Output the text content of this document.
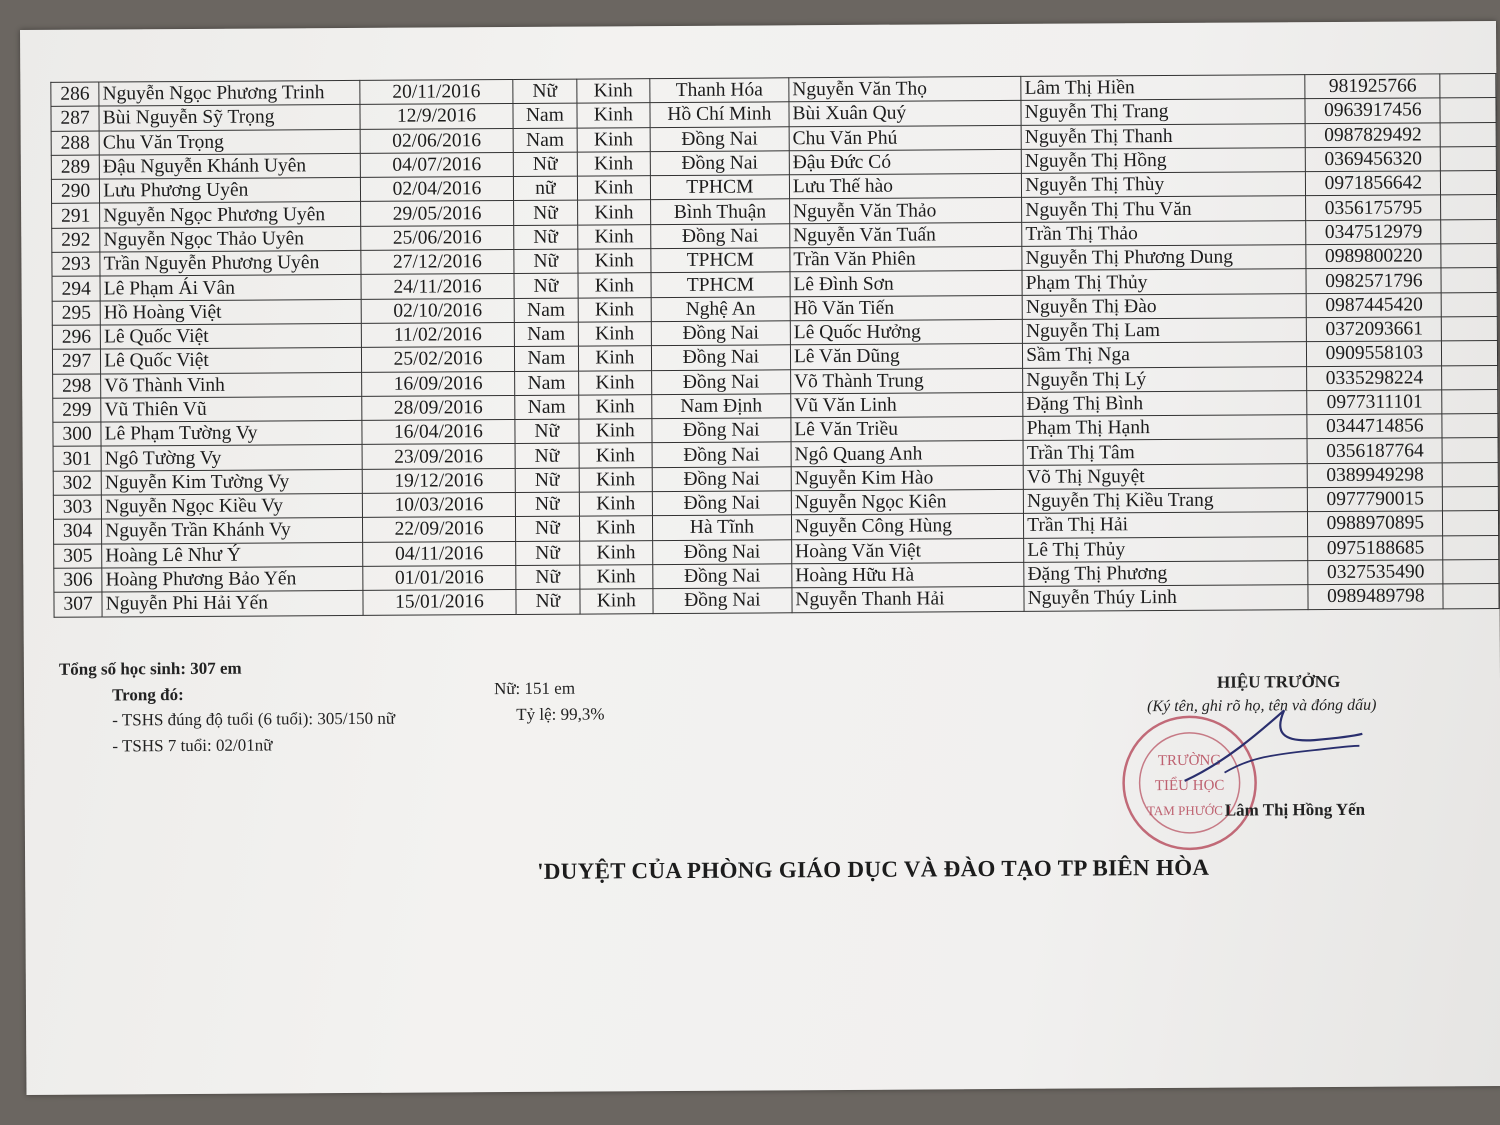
286	Nguyễn Ngọc Phương Trinh	20/11/2016	Nữ	Kinh	Thanh Hóa	Nguyễn Văn Thọ	Lâm Thị Hiền	981925766	
287	Bùi Nguyễn Sỹ Trọng	12/9/2016	Nam	Kinh	Hồ Chí Minh	Bùi Xuân Quý	Nguyễn Thị Trang	0963917456	
288	Chu Văn Trọng	02/06/2016	Nam	Kinh	Đồng Nai	Chu Văn Phú	Nguyễn Thị Thanh	0987829492	
289	Đậu Nguyễn Khánh Uyên	04/07/2016	Nữ	Kinh	Đồng Nai	Đậu Đức Có	Nguyễn Thị Hồng	0369456320	
290	Lưu Phương Uyên	02/04/2016	nữ	Kinh	TPHCM	Lưu Thế hào	Nguyễn Thị Thùy	0971856642	
291	Nguyễn Ngọc Phương Uyên	29/05/2016	Nữ	Kinh	Bình Thuận	Nguyễn Văn Thảo	Nguyễn Thị Thu Văn	0356175795	
292	Nguyễn Ngọc Thảo Uyên	25/06/2016	Nữ	Kinh	Đồng Nai	Nguyễn Văn Tuấn	Trần Thị Thảo	0347512979	
293	Trần Nguyễn Phương Uyên	27/12/2016	Nữ	Kinh	TPHCM	Trần Văn Phiên	Nguyễn Thị Phương Dung	0989800220	
294	Lê Phạm Ái Vân	24/11/2016	Nữ	Kinh	TPHCM	Lê Đình Sơn	Phạm Thị Thủy	0982571796	
295	Hồ Hoàng Việt	02/10/2016	Nam	Kinh	Nghệ An	Hồ Văn Tiến	Nguyễn Thị Đào	0987445420	
296	Lê Quốc Việt	11/02/2016	Nam	Kinh	Đồng Nai	Lê Quốc Hưởng	Nguyễn Thị Lam	0372093661	
297	Lê Quốc Việt	25/02/2016	Nam	Kinh	Đồng Nai	Lê Văn Dũng	Sầm Thị Nga	0909558103	
298	Võ Thành Vinh	16/09/2016	Nam	Kinh	Đồng Nai	Võ Thành Trung	Nguyễn Thị Lý	0335298224	
299	Vũ Thiên Vũ	28/09/2016	Nam	Kinh	Nam Định	Vũ Văn Linh	Đặng Thị Bình	0977311101	
300	Lê Phạm Tường Vy	16/04/2016	Nữ	Kinh	Đồng Nai	Lê Văn Triều	Phạm Thị Hạnh	0344714856	
301	Ngô Tường Vy	23/09/2016	Nữ	Kinh	Đồng Nai	Ngô Quang Anh	Trần Thị Tâm	0356187764	
302	Nguyễn Kim Tường Vy	19/12/2016	Nữ	Kinh	Đồng Nai	Nguyễn Kim Hào	Võ Thị Nguyệt	0389949298	
303	Nguyễn Ngọc Kiều Vy	10/03/2016	Nữ	Kinh	Đồng Nai	Nguyễn Ngọc Kiên	Nguyễn Thị Kiều Trang	0977790015	
304	Nguyễn Trần Khánh Vy	22/09/2016	Nữ	Kinh	Hà Tĩnh	Nguyễn Công Hùng	Trần Thị Hải	0988970895	
305	Hoàng Lê Như Ý	04/11/2016	Nữ	Kinh	Đồng Nai	Hoàng Văn Việt	Lê Thị Thủy	0975188685	
306	Hoàng Phương Bảo Yến	01/01/2016	Nữ	Kinh	Đồng Nai	Hoàng Hữu Hà	Đặng Thị Phương	0327535490	
307	Nguyễn Phi Hải Yến	15/01/2016	Nữ	Kinh	Đồng Nai	Nguyễn Thanh Hải	Nguyễn Thúy Linh	0989489798	
Tổng số học sinh: 307 em
Trong đó:	Nữ: 151 em
- TSHS đúng độ tuổi (6 tuổi): 305/150 nữ	Tỷ lệ: 99,3%
- TSHS 7 tuổi: 02/01nữ
HIỆU TRƯỞNG
(Ký tên, ghi rõ họ, tên và đóng dấu)
TRƯỜNG
TIỂU HỌC
TAM PHƯỚC 1
Lâm Thị Hồng Yến
'DUYỆT CỦA PHÒNG GIÁO DỤC VÀ ĐÀO TẠO TP BIÊN HÒA
